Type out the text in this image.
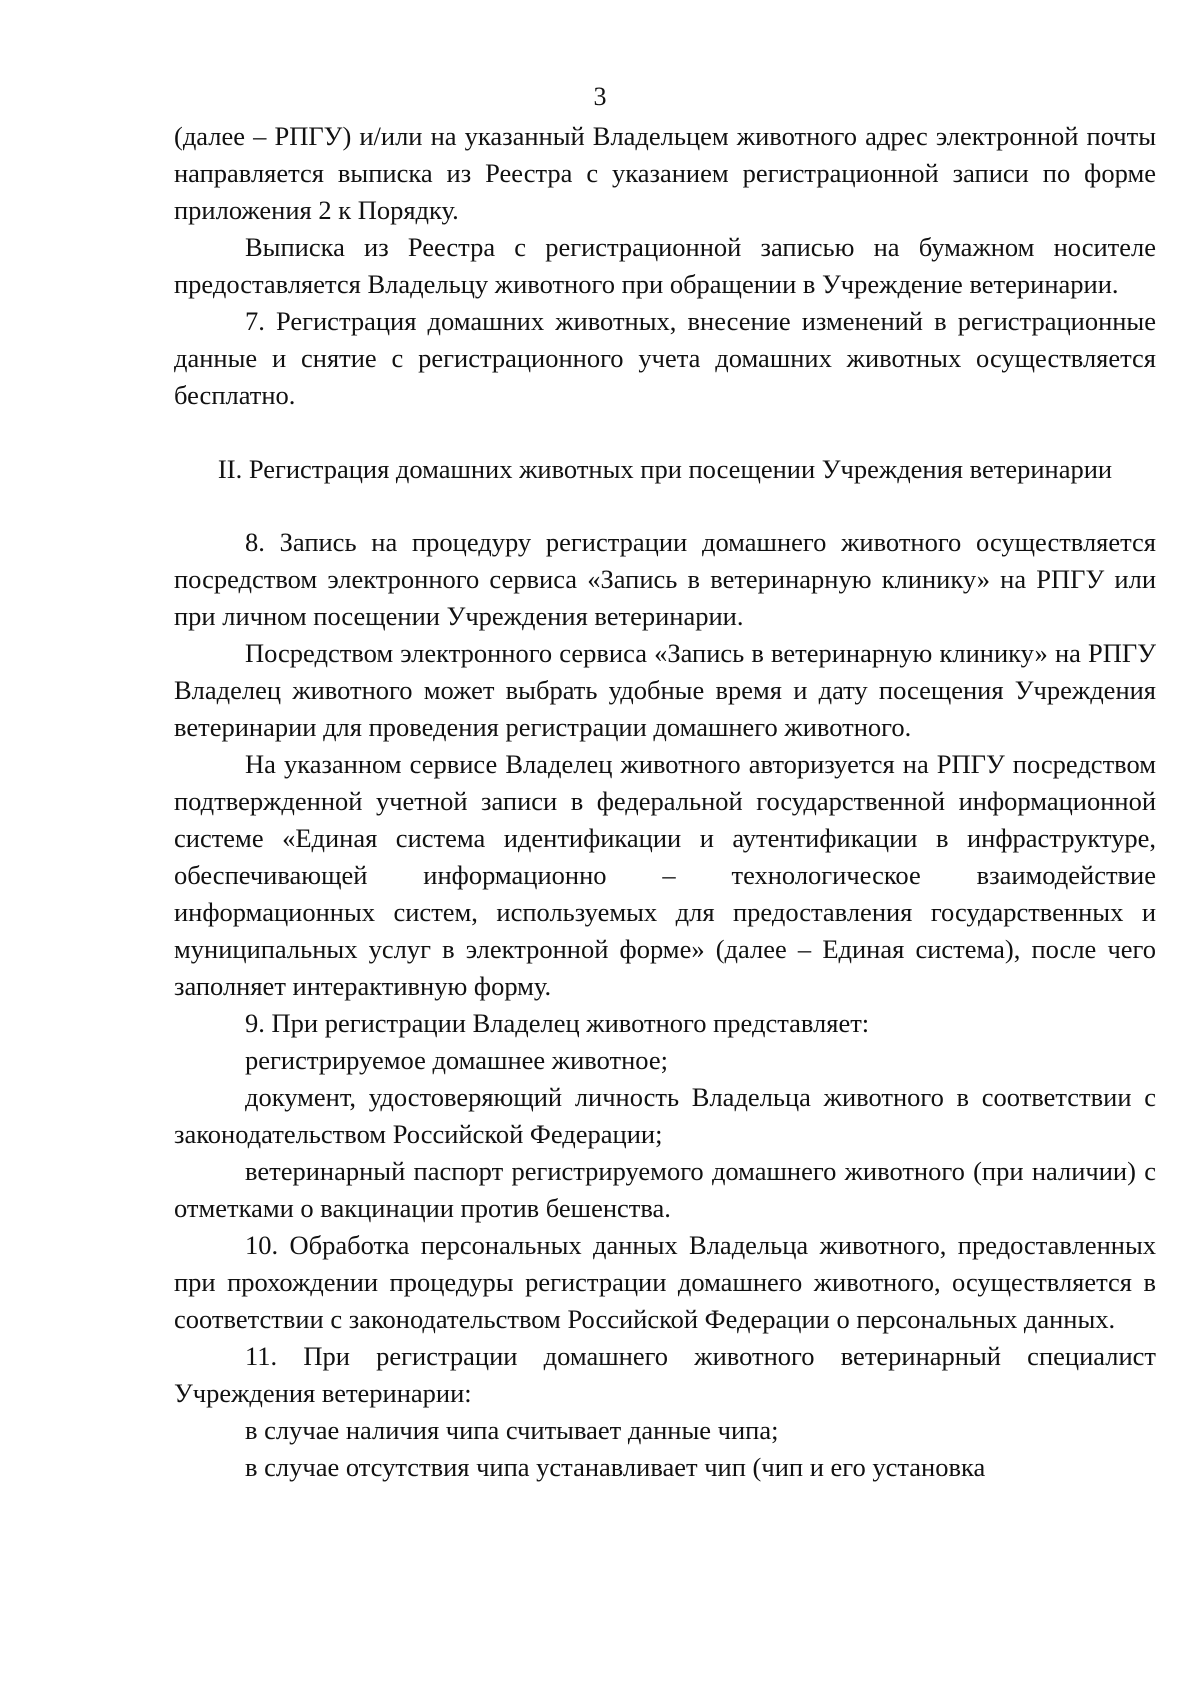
3

(далее – РПГУ) и/или на указанный Владельцем животного адрес электронной почты направляется выписка из Реестра с указанием регистрационной записи по форме приложения 2 к Порядку.

Выписка из Реестра с регистрационной записью на бумажном носителе предоставляется Владельцу животного при обращении в Учреждение ветеринарии.

7. Регистрация домашних животных, внесение изменений в регистрационные данные и снятие с регистрационного учета домашних животных осуществляется бесплатно.

II. Регистрация домашних животных при посещении Учреждения ветеринарии

8. Запись на процедуру регистрации домашнего животного осуществляется посредством электронного сервиса «Запись в ветеринарную клинику» на РПГУ или при личном посещении Учреждения ветеринарии.

Посредством электронного сервиса «Запись в ветеринарную клинику» на РПГУ Владелец животного может выбрать удобные время и дату посещения Учреждения ветеринарии для проведения регистрации домашнего животного.

На указанном сервисе Владелец животного авторизуется на РПГУ посредством подтвержденной учетной записи в федеральной государственной информационной системе «Единая система идентификации и аутентификации в инфраструктуре, обеспечивающей информационно – технологическое взаимодействие информационных систем, используемых для предоставления государственных и муниципальных услуг в электронной форме» (далее – Единая система), после чего заполняет интерактивную форму.

9. При регистрации Владелец животного представляет:

регистрируемое домашнее животное;

документ, удостоверяющий личность Владельца животного в соответствии с законодательством Российской Федерации;

ветеринарный паспорт регистрируемого домашнего животного (при наличии) с отметками о вакцинации против бешенства.

10. Обработка персональных данных Владельца животного, предоставленных при прохождении процедуры регистрации домашнего животного, осуществляется в соответствии с законодательством Российской Федерации о персональных данных.

11. При регистрации домашнего животного ветеринарный специалист Учреждения ветеринарии:

в случае наличия чипа считывает данные чипа;

в случае отсутствия чипа устанавливает чип (чип и его установка
